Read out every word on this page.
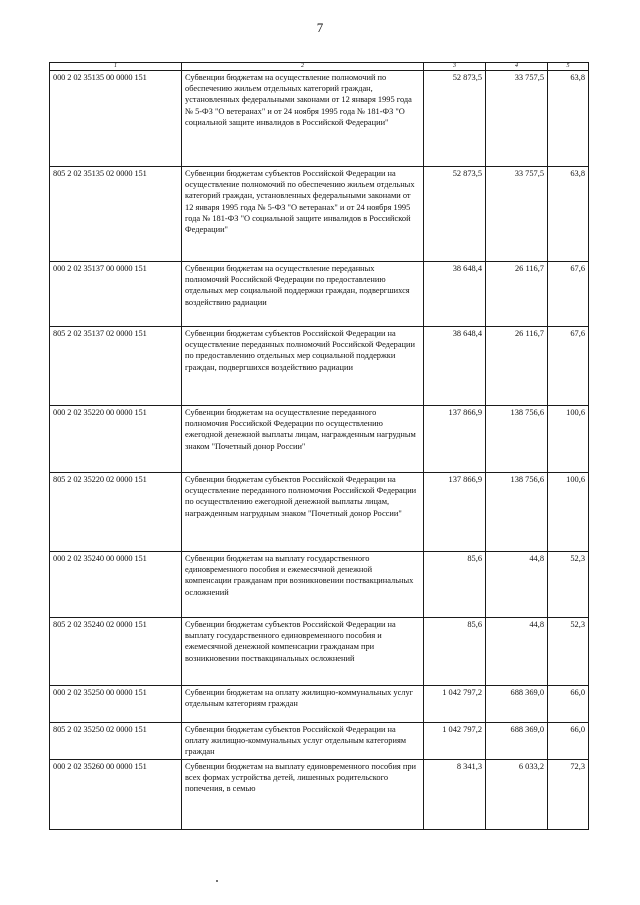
7
1	2	3	4	5
000 2 02 35135 00 0000 151	Субвенции бюджетам на осуществление полномочий по обеспечению жильем отдельных категорий граждан, установленных федеральными законами от 12 января 1995 года № 5-ФЗ "О ветеранах" и от 24 ноября 1995 года № 181-ФЗ "О социальной защите инвалидов в Российской Федерации"	52 873,5	33 757,5	63,8
805 2 02 35135 02 0000 151	Субвенции бюджетам субъектов Российской Федерации на осуществление полномочий по обеспечению жильем отдельных категорий граждан, установленных федеральными законами от 12 января 1995 года № 5-ФЗ "О ветеранах" и от 24 ноября 1995 года № 181-ФЗ "О социальной защите инвалидов в Российской Федерации"	52 873,5	33 757,5	63,8
000 2 02 35137 00 0000 151	Субвенции бюджетам на осуществление переданных полномочий Российской Федерации по предоставлению отдельных мер социальной поддержки граждан, подвергшихся воздействию радиации	38 648,4	26 116,7	67,6
805 2 02 35137 02 0000 151	Субвенции бюджетам субъектов Российской Федерации на осуществление переданных полномочий Российской Федерации по предоставлению отдельных мер социальной поддержки граждан, подвергшихся воздействию радиации	38 648,4	26 116,7	67,6
000 2 02 35220 00 0000 151	Субвенции бюджетам на осуществление переданного полномочия Российской Федерации по осуществлению ежегодной денежной выплаты лицам, награжденным нагрудным знаком "Почетный донор России"	137 866,9	138 756,6	100,6
805 2 02 35220 02 0000 151	Субвенции бюджетам субъектов Российской Федерации на осуществление переданного полномочия Российской Федерации по осуществлению ежегодной денежной выплаты лицам, награжденным нагрудным знаком "Почетный донор России"	137 866,9	138 756,6	100,6
000 2 02 35240 00 0000 151	Субвенции бюджетам на выплату государственного единовременного пособия и ежемесячной денежной компенсации гражданам при возникновении поствакцинальных осложнений	85,6	44,8	52,3
805 2 02 35240 02 0000 151	Субвенции бюджетам субъектов Российской Федерации на выплату государственного единовременного пособия и ежемесячной денежной компенсации гражданам при возникновении поствакцинальных осложнений	85,6	44,8	52,3
000 2 02 35250 00 0000 151	Субвенции бюджетам на оплату жилищно-коммунальных услуг отдельным категориям граждан	1 042 797,2	688 369,0	66,0
805 2 02 35250 02 0000 151	Субвенции бюджетам субъектов Российской Федерации на оплату жилищно-коммунальных услуг отдельным категориям граждан	1 042 797,2	688 369,0	66,0
000 2 02 35260 00 0000 151	Субвенции бюджетам на выплату единовременного пособия при всех формах устройства детей, лишенных родительского попечения, в семью	8 341,3	6 033,2	72,3
